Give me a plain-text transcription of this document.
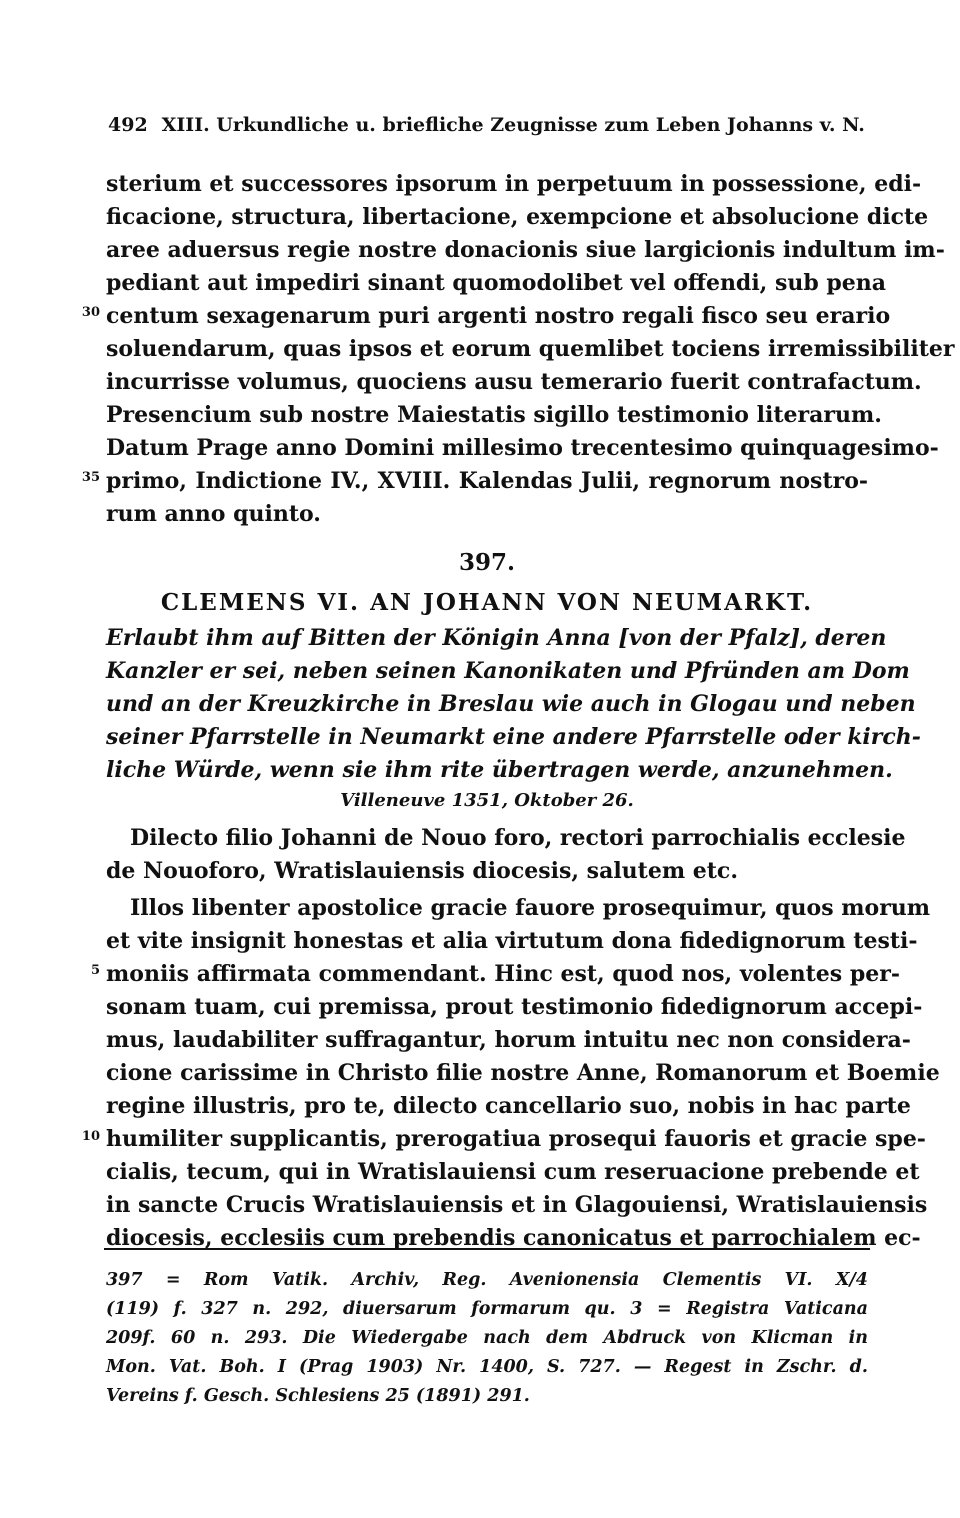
492 XIII. Urkundliche u. briefliche Zeugnisse zum Leben Johanns v. N.
sterium et successores ipsorum in perpetuum in possessione, edi-
ficacione, structura, libertacione, exempcione et absolucione dicte
aree aduersus regie nostre donacionis siue largicionis indultum im-
pediant aut impediri sinant quomodolibet vel offendi, sub pena
centum sexagenarum puri argenti nostro regali fisco seu erario
soluendarum, quas ipsos et eorum quemlibet tociens irremissibiliter
incurrisse volumus, quociens ausu temerario fuerit contrafactum.
Presencium sub nostre Maiestatis sigillo testimonio literarum.
Datum Prage anno Domini millesimo trecentesimo quinquagesimo-
primo, Indictione IV., XVIII. Kalendas Julii, regnorum nostro-
rum anno quinto.
30
35
397.
CLEMENS VI. AN JOHANN VON NEUMARKT.
Erlaubt ihm auf Bitten der Königin Anna [von der Pfalz], deren
Kanzler er sei, neben seinen Kanonikaten und Pfründen am Dom
und an der Kreuzkirche in Breslau wie auch in Glogau und neben
seiner Pfarrstelle in Neumarkt eine andere Pfarrstelle oder kirch-
liche Würde, wenn sie ihm rite übertragen werde, anzunehmen.
Villeneuve 1351, Oktober 26.
Dilecto filio Johanni de Nouo foro, rectori parrochialis ecclesie
de Nouoforo, Wratislauiensis diocesis, salutem etc.
Illos libenter apostolice gracie fauore prosequimur, quos morum
et vite insignit honestas et alia virtutum dona fidedignorum testi-
moniis affirmata commendant. Hinc est, quod nos, volentes per-
sonam tuam, cui premissa, prout testimonio fidedignorum accepi-
mus, laudabiliter suffragantur, horum intuitu nec non considera-
cione carissime in Christo filie nostre Anne, Romanorum et Boemie
regine illustris, pro te, dilecto cancellario suo, nobis in hac parte
humiliter supplicantis, prerogatiua prosequi fauoris et gracie spe-
cialis, tecum, qui in Wratislauiensi cum reseruacione prebende et
in sancte Crucis Wratislauiensis et in Glagouiensi, Wratislauiensis
diocesis, ecclesiis cum prebendis canonicatus et parrochialem ec-
5
10
397 = Rom Vatik. Archiv, Reg. Avenionensia Clementis VI. X/4
(119) f. 327 n. 292, diuersarum formarum qu. 3 = Registra Vaticana
209f. 60 n. 293. Die Wiedergabe nach dem Abdruck von Klicman in
Mon. Vat. Boh. I (Prag 1903) Nr. 1400, S. 727. — Regest in Zschr. d.
Vereins f. Gesch. Schlesiens 25 (1891) 291.
